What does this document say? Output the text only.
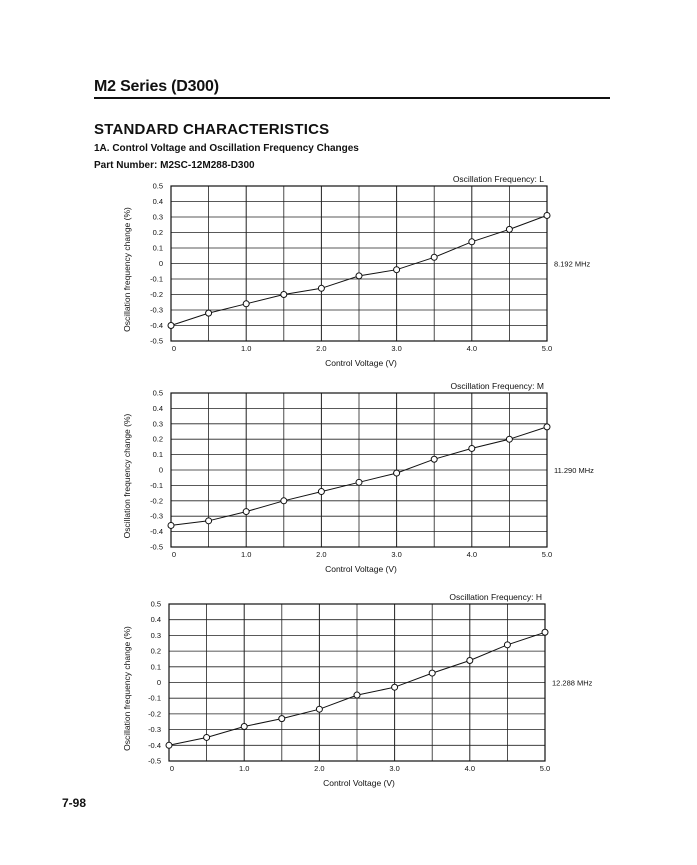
M2 Series (D300)
STANDARD CHARACTERISTICS
1A. Control Voltage and Oscillation Frequency Changes
Part Number: M2SC-12M288-D300
0.5
0.4
0.3
0.2
0.1
0
-0.1
-0.2
-0.3
-0.4
-0.5
0	1.0	2.0	3.0	4.0	5.0
Oscillation Frequency: L
Control Voltage (V)
Oscillation frequency change (%)	8.192 MHz
0.5
0.4
0.3
0.2
0.1
0
-0.1
-0.2
-0.3
-0.4
-0.5
0	1.0	2.0	3.0	4.0	5.0
Oscillation Frequency: M
Control Voltage (V)
Oscillation frequency change (%)	11.290 MHz
0.5
0.4
0.3
0.2
0.1
0
-0.1
-0.2
-0.3
-0.4
-0.5
0	1.0	2.0	3.0	4.0	5.0
Oscillation Frequency: H
Control Voltage (V)
Oscillation frequency change (%)	12.288 MHz
7-98
